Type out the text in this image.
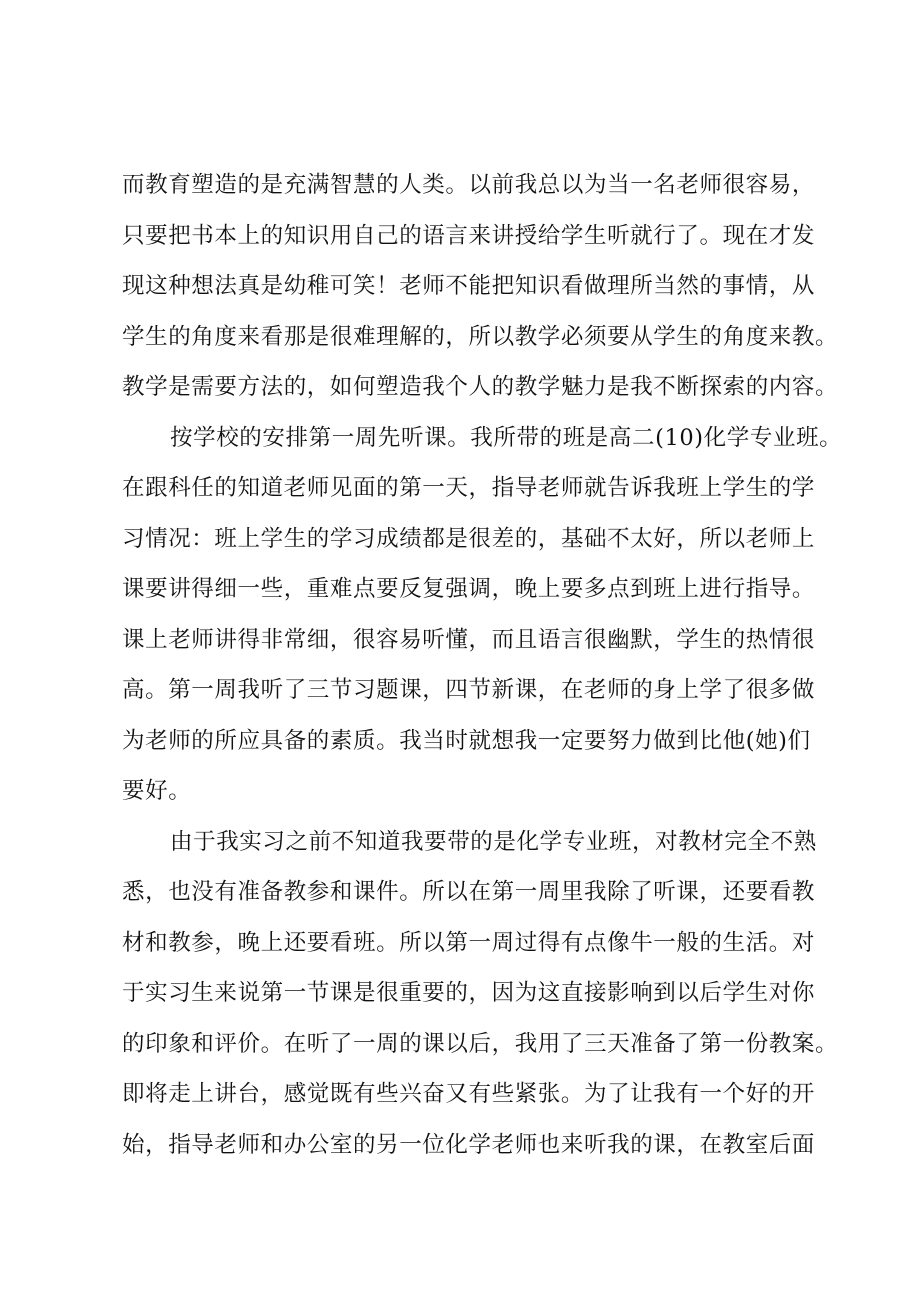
而教育塑造的是充满智慧的人类。以前我总以为当一名老师很容易，
只要把书本上的知识用自己的语言来讲授给学生听就行了。现在才发
现这种想法真是幼稚可笑！老师不能把知识看做理所当然的事情，从
学生的角度来看那是很难理解的，所以教学必须要从学生的角度来教。
教学是需要方法的，如何塑造我个人的教学魅力是我不断探索的内容。
按学校的安排第一周先听课。我所带的班是高二(10)化学专业班。
在跟科任的知道老师见面的第一天，指导老师就告诉我班上学生的学
习情况：班上学生的学习成绩都是很差的，基础不太好，所以老师上
课要讲得细一些，重难点要反复强调，晚上要多点到班上进行指导。
课上老师讲得非常细，很容易听懂，而且语言很幽默，学生的热情很
高。第一周我听了三节习题课，四节新课，在老师的身上学了很多做
为老师的所应具备的素质。我当时就想我一定要努力做到比他(她)们
要好。
由于我实习之前不知道我要带的是化学专业班，对教材完全不熟
悉，也没有准备教参和课件。所以在第一周里我除了听课，还要看教
材和教参，晚上还要看班。所以第一周过得有点像牛一般的生活。对
于实习生来说第一节课是很重要的，因为这直接影响到以后学生对你
的印象和评价。在听了一周的课以后，我用了三天准备了第一份教案。
即将走上讲台，感觉既有些兴奋又有些紧张。为了让我有一个好的开
始，指导老师和办公室的另一位化学老师也来听我的课，在教室后面
